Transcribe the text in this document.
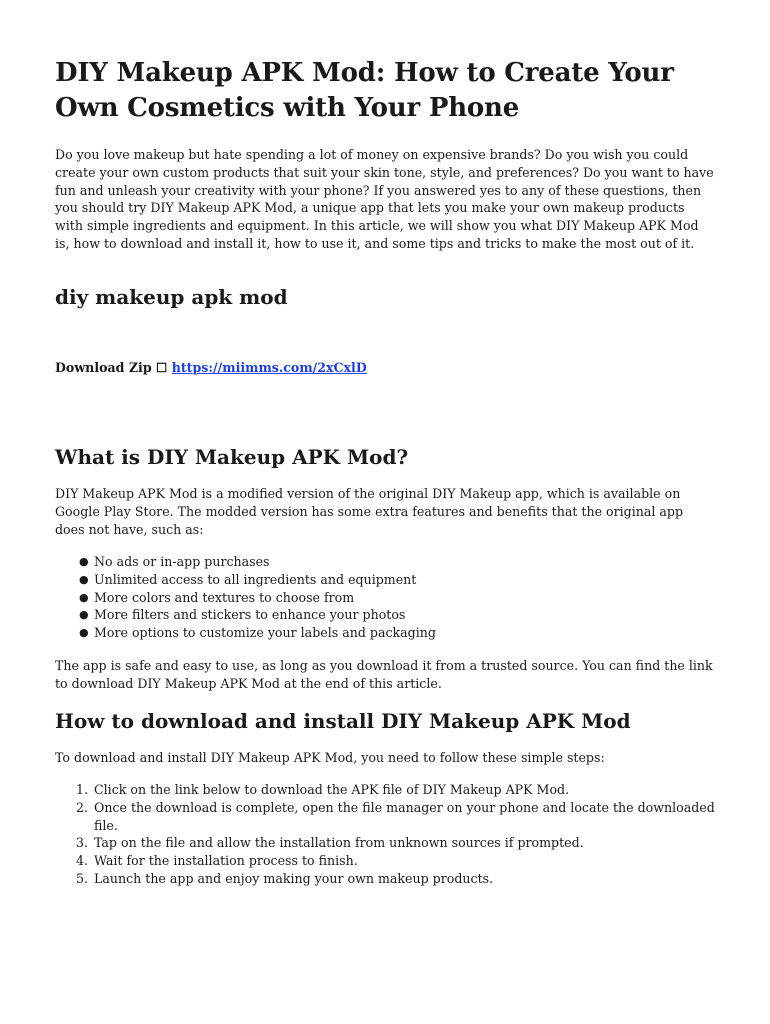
DIY Makeup APK Mod: How to Create Your Own Cosmetics with Your Phone

Do you love makeup but hate spending a lot of money on expensive brands? Do you wish you could create your own custom products that suit your skin tone, style, and preferences? Do you want to have fun and unleash your creativity with your phone? If you answered yes to any of these questions, then you should try DIY Makeup APK Mod, a unique app that lets you make your own makeup products with simple ingredients and equipment. In this article, we will show you what DIY Makeup APK Mod is, how to download and install it, how to use it, and some tips and tricks to make the most out of it.

diy makeup apk mod
Download Zip ☐ https://miimms.com/2xCxlD
What is DIY Makeup APK Mod?

DIY Makeup APK Mod is a modified version of the original DIY Makeup app, which is available on Google Play Store. The modded version has some extra features and benefits that the original app does not have, such as:

● No ads or in-app purchases
● Unlimited access to all ingredients and equipment
● More colors and textures to choose from
● More filters and stickers to enhance your photos
● More options to customize your labels and packaging

The app is safe and easy to use, as long as you download it from a trusted source. You can find the link to download DIY Makeup APK Mod at the end of this article.

How to download and install DIY Makeup APK Mod

To download and install DIY Makeup APK Mod, you need to follow these simple steps:

1. Click on the link below to download the APK file of DIY Makeup APK Mod.
2. Once the download is complete, open the file manager on your phone and locate the downloaded file.
3. Tap on the file and allow the installation from unknown sources if prompted.
4. Wait for the installation process to finish.
5. Launch the app and enjoy making your own makeup products.
